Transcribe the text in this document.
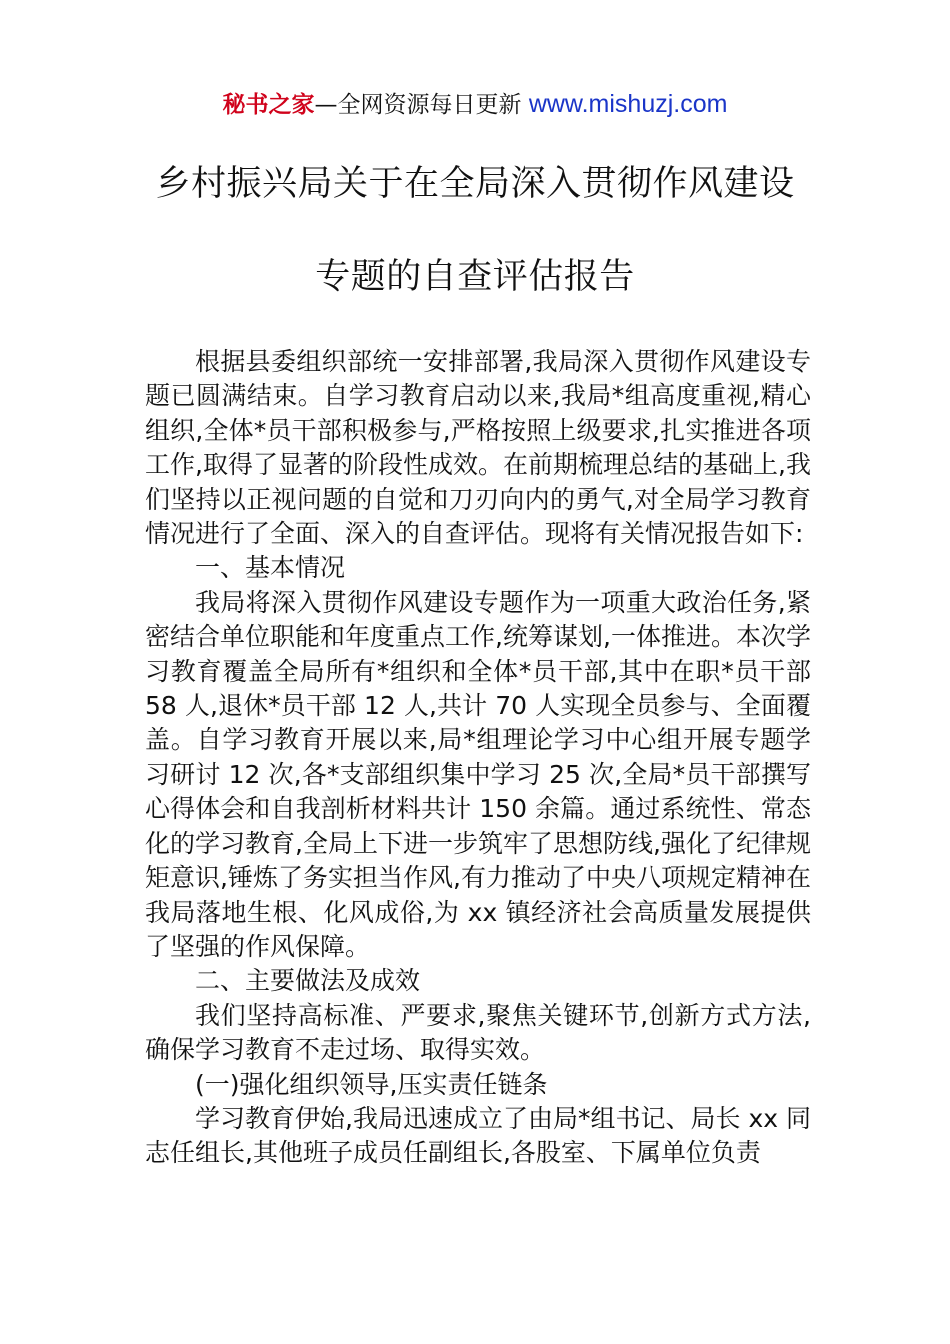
秘书之家—全网资源每日更新 www.mishuzj.com
乡村振兴局关于在全局深入贯彻作风建设
专题的自查评估报告

根据县委组织部统一安排部署,我局深入贯彻作风建设专题已圆满结束。自学习教育启动以来,我局*组高度重视,精心组织,全体*员干部积极参与,严格按照上级要求,扎实推进各项工作,取得了显著的阶段性成效。在前期梳理总结的基础上,我们坚持以正视问题的自觉和刀刃向内的勇气,对全局学习教育情况进行了全面、深入的自查评估。现将有关情况报告如下:

一、基本情况

我局将深入贯彻作风建设专题作为一项重大政治任务,紧密结合单位职能和年度重点工作,统筹谋划,一体推进。本次学习教育覆盖全局所有*组织和全体*员干部,其中在职*员干部 58 人,退休*员干部 12 人,共计 70 人实现全员参与、全面覆盖。自学习教育开展以来,局*组理论学习中心组开展专题学习研讨 12 次,各*支部组织集中学习 25 次,全局*员干部撰写心得体会和自我剖析材料共计 150 余篇。通过系统性、常态化的学习教育,全局上下进一步筑牢了思想防线,强化了纪律规矩意识,锤炼了务实担当作风,有力推动了中央八项规定精神在我局落地生根、化风成俗,为 xx 镇经济社会高质量发展提供了坚强的作风保障。

二、主要做法及成效

我们坚持高标准、严要求,聚焦关键环节,创新方式方法,确保学习教育不走过场、取得实效。

(一)强化组织领导,压实责任链条

学习教育伊始,我局迅速成立了由局*组书记、局长 xx 同志任组长,其他班子成员任副组长,各股室、下属单位负责
